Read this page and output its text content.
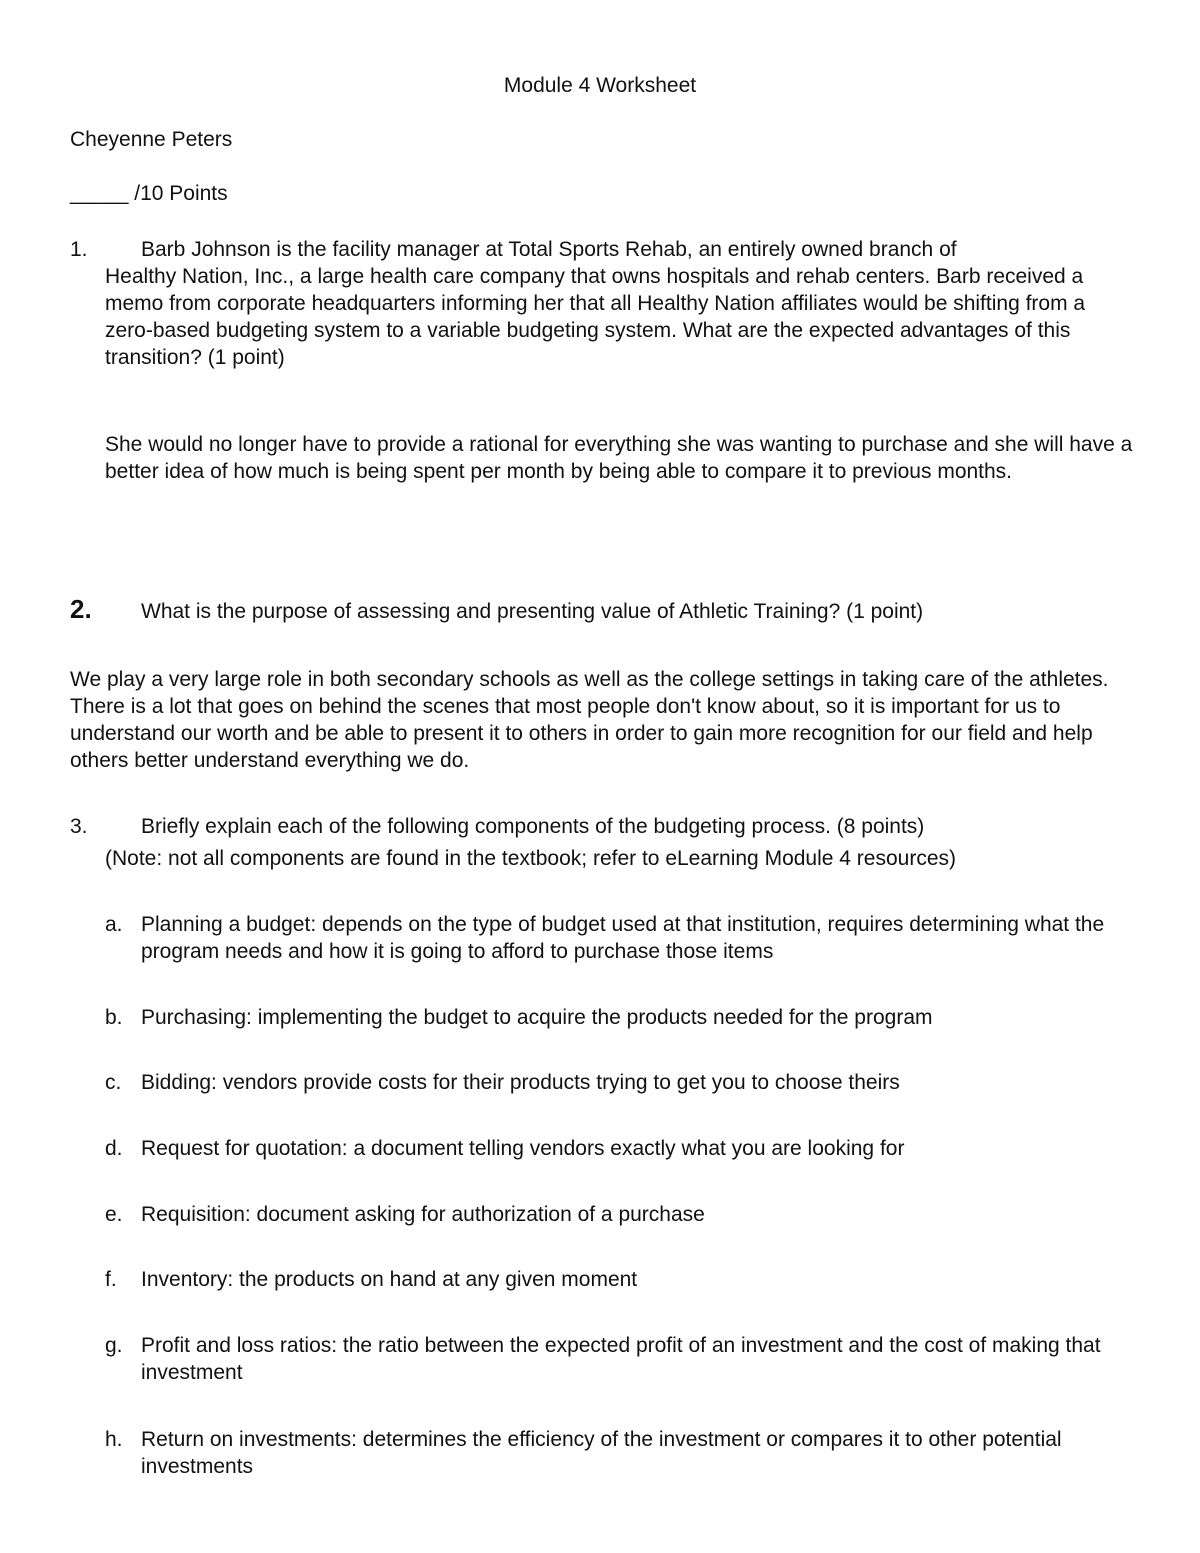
Module 4 Worksheet
Cheyenne Peters
_____ /10 Points
1.	Barb Johnson is the facility manager at Total Sports Rehab, an entirely owned branch of
Healthy Nation, Inc., a large health care company that owns hospitals and rehab centers. Barb received a memo from corporate headquarters informing her that all Healthy Nation affiliates would be shifting from a zero-based budgeting system to a variable budgeting system. What are the expected advantages of this transition? (1 point)
She would no longer have to provide a rational for everything she was wanting to purchase and she will have a better idea of how much is being spent per month by being able to compare it to previous months.
2. What is the purpose of assessing and presenting value of Athletic Training? (1 point)
We play a very large role in both secondary schools as well as the college settings in taking care of the athletes. There is a lot that goes on behind the scenes that most people don't know about, so it is important for us to understand our worth and be able to present it to others in order to gain more recognition for our field and help others better understand everything we do.
3.	Briefly explain each of the following components of the budgeting process. (8 points)
(Note: not all components are found in the textbook; refer to eLearning Module 4 resources)
a. Planning a budget: depends on the type of budget used at that institution, requires determining what the program needs and how it is going to afford to purchase those items
b. Purchasing: implementing the budget to acquire the products needed for the program
c. Bidding: vendors provide costs for their products trying to get you to choose theirs
d. Request for quotation: a document telling vendors exactly what you are looking for
e. Requisition: document asking for authorization of a purchase
f. Inventory: the products on hand at any given moment
g. Profit and loss ratios: the ratio between the expected profit of an investment and the cost of making that investment
h. Return on investments: determines the efficiency of the investment or compares it to other potential investments
